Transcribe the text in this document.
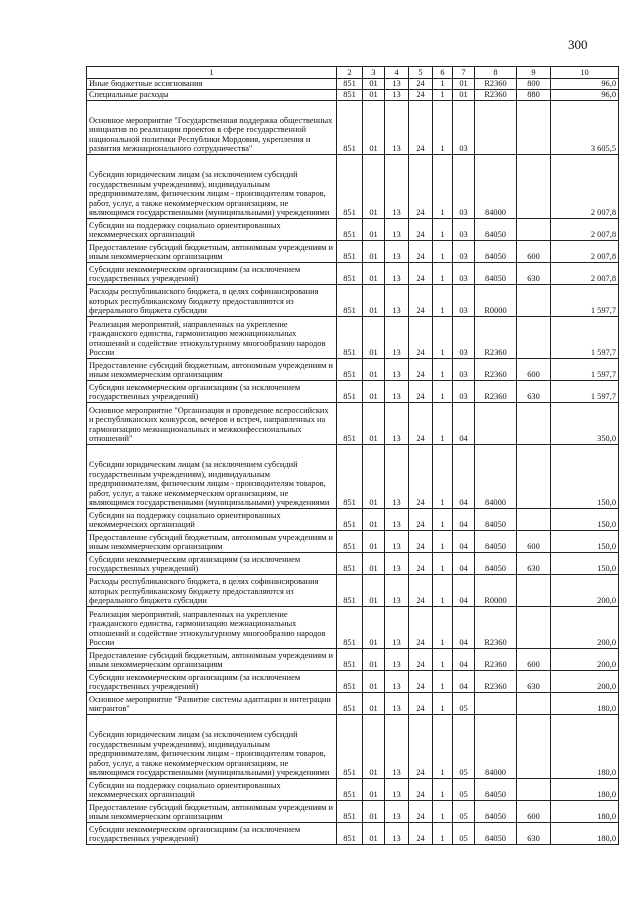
300
1	2	3	4	5	6	7	8	9	10
Иные бюджетные ассигнования	851	01	13	24	1	01	R2360	800	96,0
Специальные расходы	851	01	13	24	1	01	R2360	880	96,0
Основное мероприятие "Государственная поддержка общественных инициатив по реализации проектов в сфере государственной национальной политики Республики Мордовия, укрепления и развития межнационального сотрудничества"	851	01	13	24	1	03			3 605,5
Субсидии юридическим лицам (за исключением субсидий государственным учреждениям), индивидуальным предпринимателям, физическим лицам - производителям товаров, работ, услуг, а также некоммерческим организациям, не являющимся государственными (муниципальными) учреждениями	851	01	13	24	1	03	84000		2 007,8
Субсидии на поддержку социально ориентированных некоммерческих организаций	851	01	13	24	1	03	84050		2 007,8
Предоставление субсидий бюджетным, автономным учреждениям и иным некоммерческим организациям	851	01	13	24	1	03	84050	600	2 007,8
Субсидии некоммерческим организациям (за исключением государственных учреждений)	851	01	13	24	1	03	84050	630	2 007,8
Расходы республиканского бюджета, в целях софинансирования которых республиканскому бюджету предоставляются из федерального бюджета субсидии	851	01	13	24	1	03	R0000		1 597,7
Реализация мероприятий, направленных на укрепление гражданского единства, гармонизацию межнациональных отношений и содействие этнокультурному многообразию народов России	851	01	13	24	1	03	R2360		1 597,7
Предоставление субсидий бюджетным, автономным учреждениям и иным некоммерческим организациям	851	01	13	24	1	03	R2360	600	1 597,7
Субсидии некоммерческим организациям (за исключением государственных учреждений)	851	01	13	24	1	03	R2360	630	1 597,7
Основное мероприятие "Организация и проведение всероссийских и республиканских конкурсов, вечеров и встреч, направленных на гармонизацию межнациональных и межконфессиональных отношений"	851	01	13	24	1	04			350,0
Субсидии юридическим лицам (за исключением субсидий государственным учреждениям), индивидуальным предпринимателям, физическим лицам - производителям товаров, работ, услуг, а также некоммерческим организациям, не являющимся государственными (муниципальными) учреждениями	851	01	13	24	1	04	84000		150,0
Субсидии на поддержку социально ориентированных некоммерческих организаций	851	01	13	24	1	04	84050		150,0
Предоставление субсидий бюджетным, автономным учреждениям и иным некоммерческим организациям	851	01	13	24	1	04	84050	600	150,0
Субсидии некоммерческим организациям (за исключением государственных учреждений)	851	01	13	24	1	04	84050	630	150,0
Расходы республиканского бюджета, в целях софинансирования которых республиканскому бюджету предоставляются из федерального бюджета субсидии	851	01	13	24	1	04	R0000		200,0
Реализация мероприятий, направленных на укрепление гражданского единства, гармонизацию межнациональных отношений и содействие этнокультурному многообразию народов России	851	01	13	24	1	04	R2360		200,0
Предоставление субсидий бюджетным, автономным учреждениям и иным некоммерческим организациям	851	01	13	24	1	04	R2360	600	200,0
Субсидии некоммерческим организациям (за исключением государственных учреждений)	851	01	13	24	1	04	R2360	630	200,0
Основное мероприятие "Развитие системы адаптации и интеграции мигрантов"	851	01	13	24	1	05			180,0
Субсидии юридическим лицам (за исключением субсидий государственным учреждениям), индивидуальным предпринимателям, физическим лицам - производителям товаров, работ, услуг, а также некоммерческим организациям, не являющимся государственными (муниципальными) учреждениями	851	01	13	24	1	05	84000		180,0
Субсидии на поддержку социально ориентированных некоммерческих организаций	851	01	13	24	1	05	84050		180,0
Предоставление субсидий бюджетным, автономным учреждениям и иным некоммерческим организациям	851	01	13	24	1	05	84050	600	180,0
Субсидии некоммерческим организациям (за исключением государственных учреждений)	851	01	13	24	1	05	84050	630	180,0
